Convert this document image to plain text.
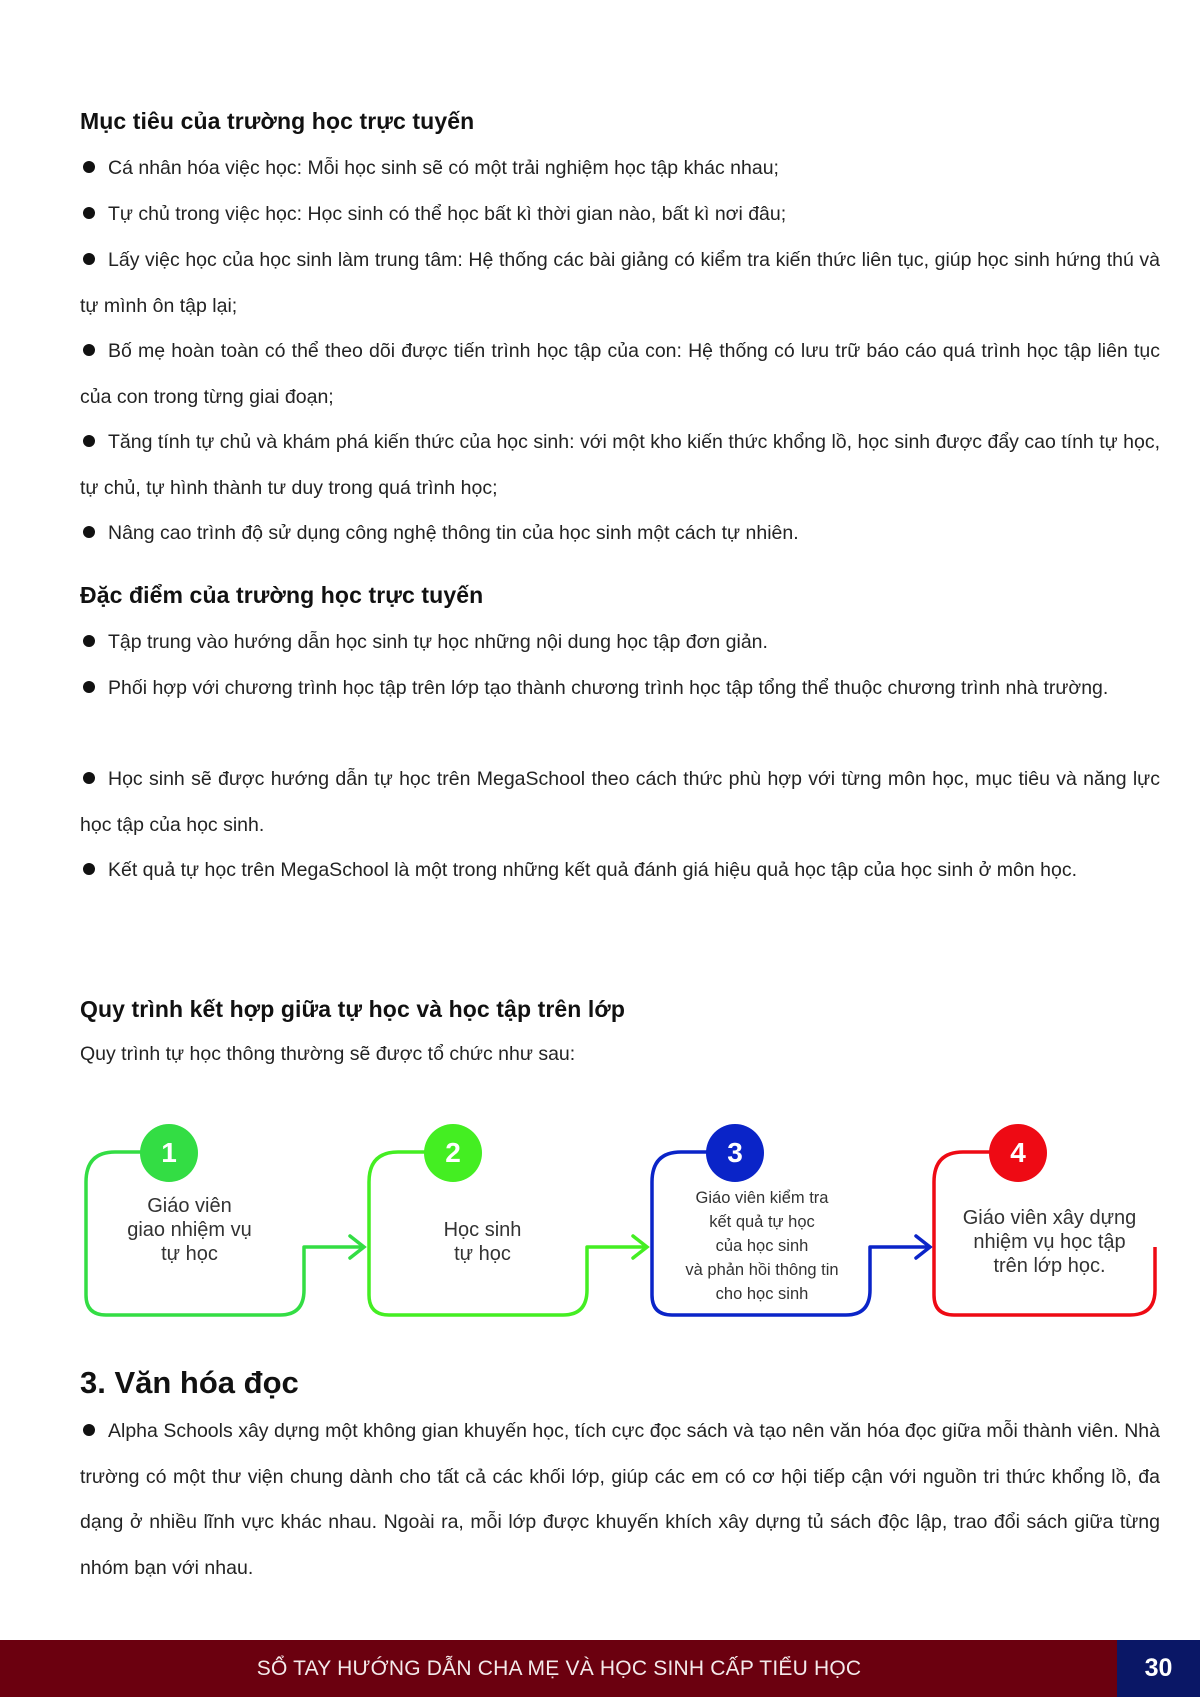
Mục tiêu của trường học trực tuyến

Cá nhân hóa việc học: Mỗi học sinh sẽ có một trải nghiệm học tập khác nhau;

Tự chủ trong việc học: Học sinh có thể học bất kì thời gian nào, bất kì nơi đâu;

Lấy việc học của học sinh làm trung tâm: Hệ thống các bài giảng có kiểm tra kiến thức liên tục, giúp học sinh hứng thú và tự mình ôn tập lại;

Bố mẹ hoàn toàn có thể theo dõi được tiến trình học tập của con: Hệ thống có lưu trữ báo cáo quá trình học tập liên tục của con trong từng giai đoạn;

Tăng tính tự chủ và khám phá kiến thức của học sinh: với một kho kiến thức khổng lồ, học sinh được đẩy cao tính tự học, tự chủ, tự hình thành tư duy trong quá trình học;

Nâng cao trình độ sử dụng công nghệ thông tin của học sinh một cách tự nhiên.

Đặc điểm của trường học trực tuyến

Tập trung vào hướng dẫn học sinh tự học những nội dung học tập đơn giản.

Phối hợp với chương trình học tập trên lớp tạo thành chương trình học tập tổng thể thuộc chương trình nhà trường.

Học sinh sẽ được hướng dẫn tự học trên MegaSchool theo cách thức phù hợp với từng môn học, mục tiêu và năng lực học tập của học sinh.

Kết quả tự học trên MegaSchool là một trong những kết quả đánh giá hiệu quả học tập của học sinh ở môn học.

Quy trình kết hợp giữa tự học và học tập trên lớp

Quy trình tự học thông thường sẽ được tổ chức như sau:

1	2	3	4
Giáo viên
giao nhiệm vụ
tự học
Học sinh
tự học
Giáo viên kiểm tra
kết quả tự học
của học sinh
và phản hồi thông tin
cho học sinh
Giáo viên xây dựng
nhiệm vụ học tập
trên lớp học.
3. Văn hóa đọc

Alpha Schools xây dựng một không gian khuyến học, tích cực đọc sách và tạo nên văn hóa đọc giữa mỗi thành viên. Nhà trường có một thư viện chung dành cho tất cả các khối lớp, giúp các em có cơ hội tiếp cận với nguồn tri thức khổng lồ, đa dạng ở nhiều lĩnh vực khác nhau. Ngoài ra, mỗi lớp được khuyến khích xây dựng tủ sách độc lập, trao đổi sách giữa từng nhóm bạn với nhau.

SỔ TAY HƯỚNG DẪN CHA MẸ VÀ HỌC SINH CẤP TIỂU HỌC	30
